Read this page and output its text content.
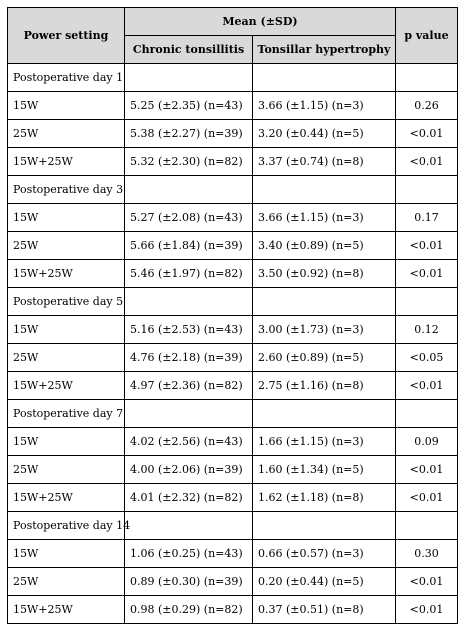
Power setting	Mean (±SD)		p value
	Chronic tonsillitis	Tonsillar hypertrophy	
Postoperative day 1			
15W	5.25 (±2.35) (n=43)	3.66 (±1.15) (n=3)	0.26
25W	5.38 (±2.27) (n=39)	3.20 (±0.44) (n=5)	<0.01
15W+25W	5.32 (±2.30) (n=82)	3.37 (±0.74) (n=8)	<0.01
Postoperative day 3			
15W	5.27 (±2.08) (n=43)	3.66 (±1.15) (n=3)	0.17
25W	5.66 (±1.84) (n=39)	3.40 (±0.89) (n=5)	<0.01
15W+25W	5.46 (±1.97) (n=82)	3.50 (±0.92) (n=8)	<0.01
Postoperative day 5			
15W	5.16 (±2.53) (n=43)	3.00 (±1.73) (n=3)	0.12
25W	4.76 (±2.18) (n=39)	2.60 (±0.89) (n=5)	<0.05
15W+25W	4.97 (±2.36) (n=82)	2.75 (±1.16) (n=8)	<0.01
Postoperative day 7			
15W	4.02 (±2.56) (n=43)	1.66 (±1.15) (n=3)	0.09
25W	4.00 (±2.06) (n=39)	1.60 (±1.34) (n=5)	<0.01
15W+25W	4.01 (±2.32) (n=82)	1.62 (±1.18) (n=8)	<0.01
Postoperative day 14			
15W	1.06 (±0.25) (n=43)	0.66 (±0.57) (n=3)	0.30
25W	0.89 (±0.30) (n=39)	0.20 (±0.44) (n=5)	<0.01
15W+25W	0.98 (±0.29) (n=82)	0.37 (±0.51) (n=8)	<0.01
